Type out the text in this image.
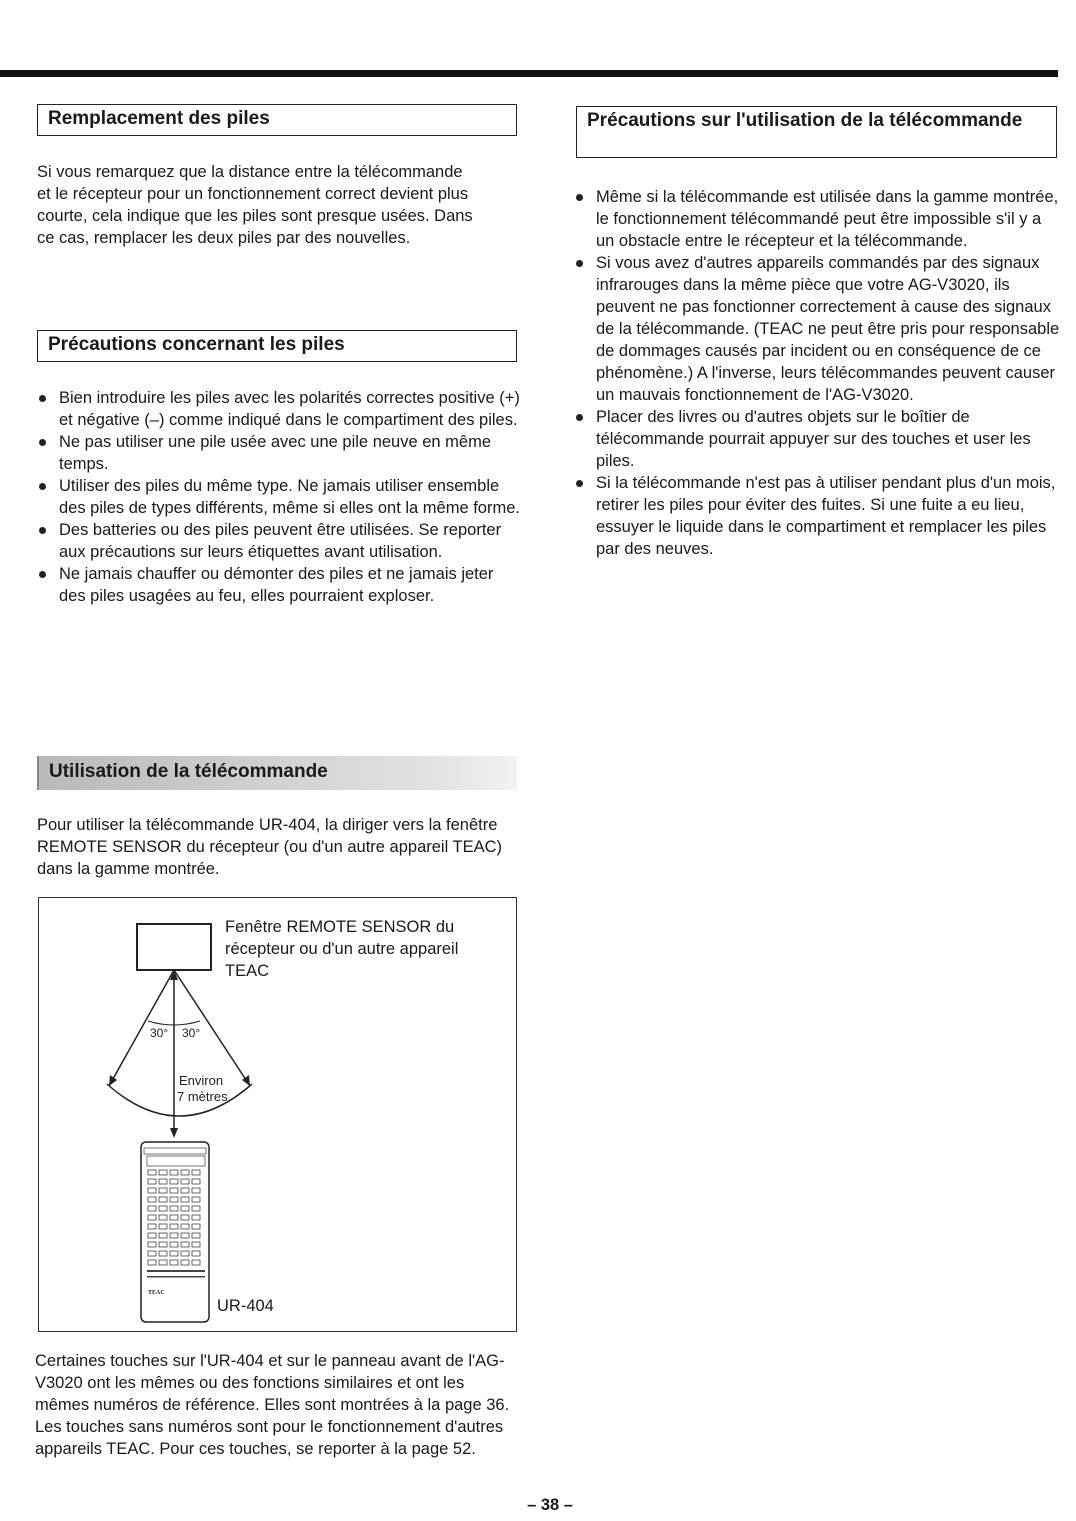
Remplacement des piles

Si vous remarquez que la distance entre la télécommande et le récepteur pour un fonctionnement correct devient plus courte, cela indique que les piles sont presque usées. Dans ce cas, remplacer les deux piles par des nouvelles.

Précautions concernant les piles
Bien introduire les piles avec les polarités correctes positive (+) et négative (–) comme indiqué dans le compartiment des piles.
Ne pas utiliser une pile usée avec une pile neuve en même temps.
Utiliser des piles du même type. Ne jamais utiliser ensemble des piles de types différents, même si elles ont la même forme.
Des batteries ou des piles peuvent être utilisées. Se reporter aux précautions sur leurs étiquettes avant utilisation.
Ne jamais chauffer ou démonter des piles et ne jamais jeter des piles usagées au feu, elles pourraient exploser.
Utilisation de la télécommande

Pour utiliser la télécommande UR-404, la diriger vers la fenêtre REMOTE SENSOR du récepteur (ou d'un autre appareil TEAC) dans la gamme montrée.

30° 30°
Environ
7 mètres
TEAC

Fenêtre REMOTE SENSOR du récepteur ou d'un autre appareil TEAC

UR-404

Certaines touches sur l'UR-404 et sur le panneau avant de l'AG-V3020 ont les mêmes ou des fonctions similaires et ont les mêmes numéros de référence. Elles sont montrées à la page 36. Les touches sans numéros sont pour le fonctionnement d'autres appareils TEAC. Pour ces touches, se reporter à la page 52.

Précautions sur l'utilisation de la télécommande
Même si la télécommande est utilisée dans la gamme montrée, le fonctionnement télécommandé peut être impossible s'il y a un obstacle entre le récepteur et la télécommande.
Si vous avez d'autres appareils commandés par des signaux infrarouges dans la même pièce que votre AG-V3020, ils peuvent ne pas fonctionner correctement à cause des signaux de la télécommande. (TEAC ne peut être pris pour responsable de dommages causés par incident ou en conséquence de ce phénomène.) A l'inverse, leurs télécommandes peuvent causer un mauvais fonctionnement de l'AG-V3020.
Placer des livres ou d'autres objets sur le boîtier de télécommande pourrait appuyer sur des touches et user les piles.
Si la télécommande n'est pas à utiliser pendant plus d'un mois, retirer les piles pour éviter des fuites. Si une fuite a eu lieu, essuyer le liquide dans le compartiment et remplacer les piles par des neuves.
– 38 –
